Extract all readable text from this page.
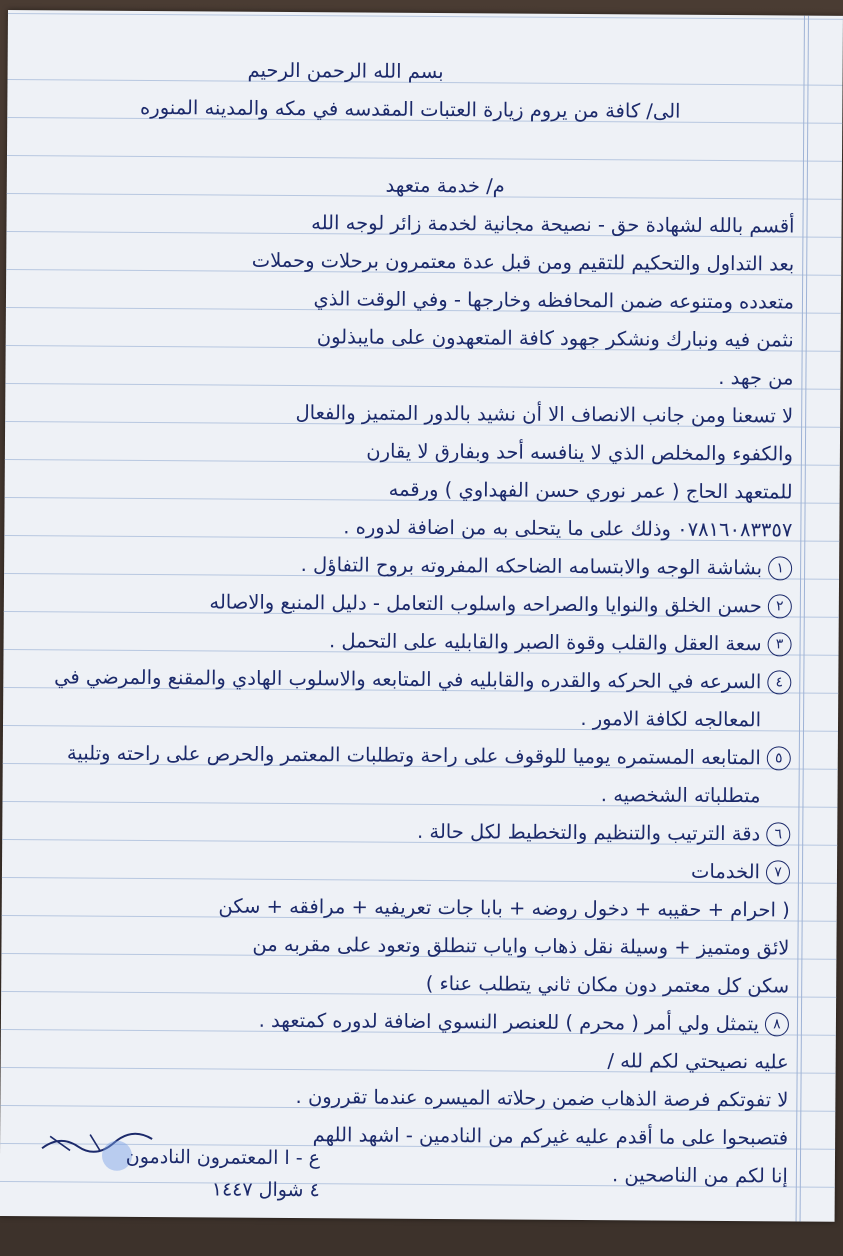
بسم الله الرحمن الرحيم

الى/ كافة من يروم زيارة العتبات المقدسه في مكه والمدينه المنوره

م/ خدمة متعهد

أقسم بالله لشهادة حق - نصيحة مجانية لخدمة زائر لوجه الله

بعد التداول والتحكيم للتقيم ومن قبل عدة معتمرون برحلات وحملات

متعدده ومتنوعه ضمن المحافظه وخارجها - وفي الوقت الذي

نثمن فيه ونبارك ونشكر جهود كافة المتعهدون على مايبذلون

من جهد .

لا تسعنا ومن جانب الانصاف الا أن نشيد بالدور المتميز والفعال

والكفوء والمخلص الذي لا ينافسه أحد وبفارق لا يقارن

للمتعهد الحاج ( عمر نوري حسن الفهداوي ) ورقمه

٠٧٨١٦٠٨٣٣٥٧ وذلك على ما يتحلى به من اضافة لدوره .

١
بشاشة الوجه والابتسامه الضاحكه المفروته بروح التفاؤل .
٢
حسن الخلق والنوايا والصراحه واسلوب التعامل - دليل المنبع والاصاله
٣
سعة العقل والقلب وقوة الصبر والقابليه على التحمل .
٤
السرعه في الحركه والقدره والقابليه في المتابعه والاسلوب الهادي والمقنع والمرضي في المعالجه لكافة الامور .
٥
المتابعه المستمره يوميا للوقوف على راحة وتطلبات المعتمر والحرص على راحته وتلبية متطلباته الشخصيه .
٦
دقة الترتيب والتنظيم والتخطيط لكل حالة .
٧
الخدمات

( احرام + حقيبه + دخول روضه + بابا جات تعريفيه + مرافقه + سكن

لائق ومتميز + وسيلة نقل ذهاب واياب تنطلق وتعود على مقربه من

سكن كل معتمر دون مكان ثاني يتطلب عناء )

٨
يتمثل ولي أمر ( محرم ) للعنصر النسوي اضافة لدوره كمتعهد .

عليه نصيحتي لكم لله /

لا تفوتكم فرصة الذهاب ضمن رحلاته الميسره عندما تقررون .

فتصبحوا على ما أقدم عليه غيركم من النادمين - اشهد اللهم

إنا لكم من الناصحين .

ع - ا المعتمرون النادمون
٤ شوال ١٤٤٧
